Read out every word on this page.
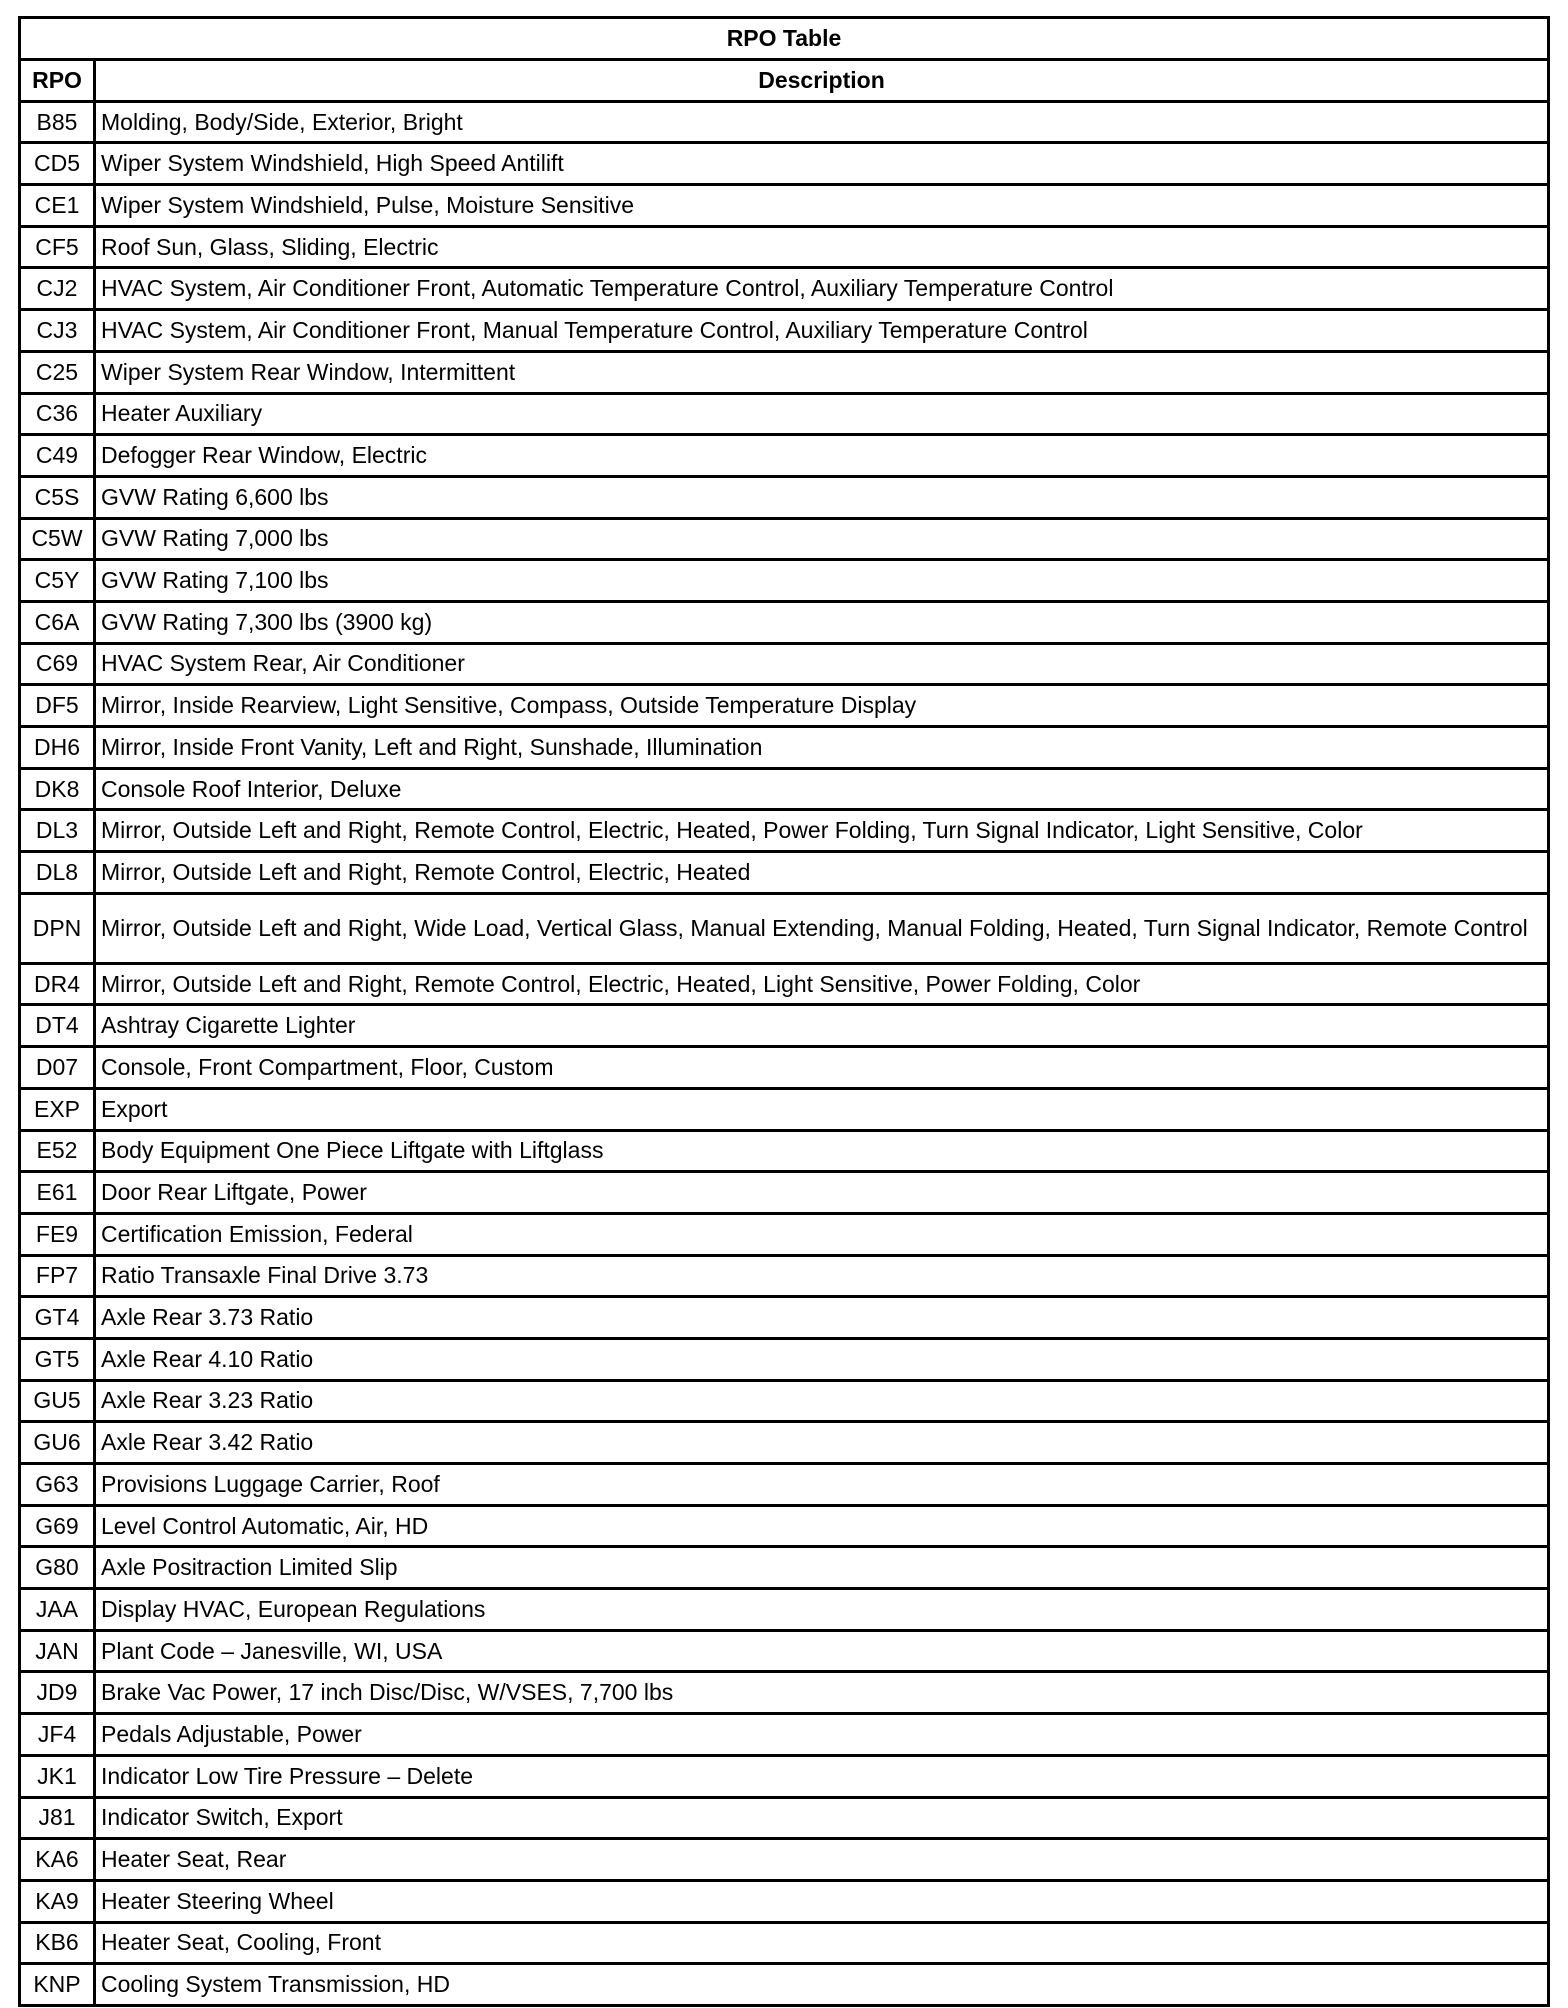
RPO Table	
RPO	Description
B85	Molding, Body/Side, Exterior, Bright
CD5	Wiper System Windshield, High Speed Antilift
CE1	Wiper System Windshield, Pulse, Moisture Sensitive
CF5	Roof Sun, Glass, Sliding, Electric
CJ2	HVAC System, Air Conditioner Front, Automatic Temperature Control, Auxiliary Temperature Control
CJ3	HVAC System, Air Conditioner Front, Manual Temperature Control, Auxiliary Temperature Control
C25	Wiper System Rear Window, Intermittent
C36	Heater Auxiliary
C49	Defogger Rear Window, Electric
C5S	GVW Rating 6,600 lbs
C5W	GVW Rating 7,000 lbs
C5Y	GVW Rating 7,100 lbs
C6A	GVW Rating 7,300 lbs (3900 kg)
C69	HVAC System Rear, Air Conditioner
DF5	Mirror, Inside Rearview, Light Sensitive, Compass, Outside Temperature Display
DH6	Mirror, Inside Front Vanity, Left and Right, Sunshade, Illumination
DK8	Console Roof Interior, Deluxe
DL3	Mirror, Outside Left and Right, Remote Control, Electric, Heated, Power Folding, Turn Signal Indicator, Light Sensitive, Color
DL8	Mirror, Outside Left and Right, Remote Control, Electric, Heated
DPN	Mirror, Outside Left and Right, Wide Load, Vertical Glass, Manual Extending, Manual Folding, Heated, Turn Signal Indicator, Remote Control
DR4	Mirror, Outside Left and Right, Remote Control, Electric, Heated, Light Sensitive, Power Folding, Color
DT4	Ashtray Cigarette Lighter
D07	Console, Front Compartment, Floor, Custom
EXP	Export
E52	Body Equipment One Piece Liftgate with Liftglass
E61	Door Rear Liftgate, Power
FE9	Certification Emission, Federal
FP7	Ratio Transaxle Final Drive 3.73
GT4	Axle Rear 3.73 Ratio
GT5	Axle Rear 4.10 Ratio
GU5	Axle Rear 3.23 Ratio
GU6	Axle Rear 3.42 Ratio
G63	Provisions Luggage Carrier, Roof
G69	Level Control Automatic, Air, HD
G80	Axle Positraction Limited Slip
JAA	Display HVAC, European Regulations
JAN	Plant Code – Janesville, WI, USA
JD9	Brake Vac Power, 17 inch Disc/Disc, W/VSES, 7,700 lbs
JF4	Pedals Adjustable, Power
JK1	Indicator Low Tire Pressure – Delete
J81	Indicator Switch, Export
KA6	Heater Seat, Rear
KA9	Heater Steering Wheel
KB6	Heater Seat, Cooling, Front
KNP	Cooling System Transmission, HD
